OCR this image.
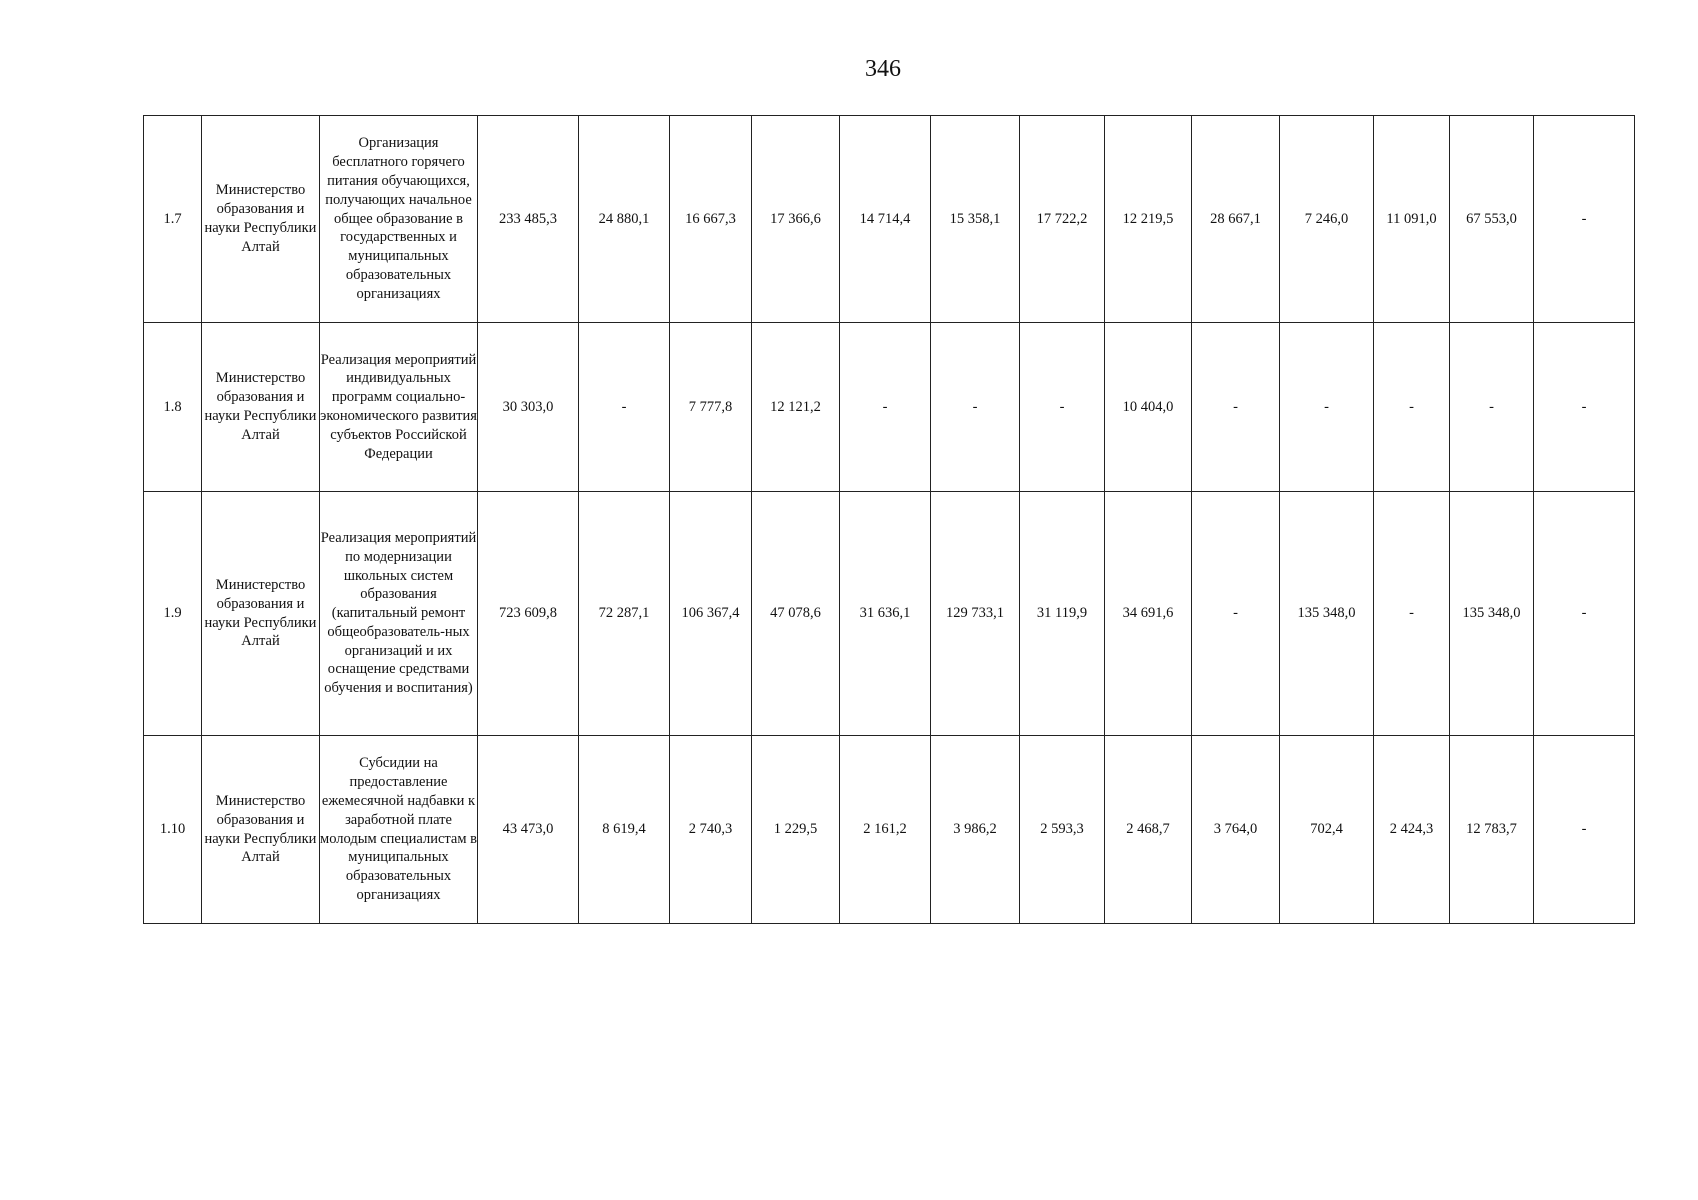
346
1.7	Министерство образования и науки Республики Алтай	Организация бесплатного горячего питания обучающихся, получающих начальное общее образование в государственных и муниципальных образовательных организациях	233 485,3	24 880,1	16 667,3	17 366,6	14 714,4	15 358,1	17 722,2	12 219,5	28 667,1	7 246,0	11 091,0	67 553,0	-
1.8	Министерство образования и науки Республики Алтай	Реализация мероприятий индивидуальных программ социально-экономического развития субъектов Российской Федерации	30 303,0	-	7 777,8	12 121,2	-	-	-	10 404,0	-	-	-	-	-
1.9	Министерство образования и науки Республики Алтай	Реализация мероприятий по модернизации школьных систем образования (капитальный ремонт общеобразователь-ных организаций и их оснащение средствами обучения и воспитания)	723 609,8	72 287,1	106 367,4	47 078,6	31 636,1	129 733,1	31 119,9	34 691,6	-	135 348,0	-	135 348,0	-
1.10	Министерство образования и науки Республики Алтай	Субсидии на предоставление ежемесячной надбавки к заработной плате молодым специалистам в муниципальных образовательных организациях	43 473,0	8 619,4	2 740,3	1 229,5	2 161,2	3 986,2	2 593,3	2 468,7	3 764,0	702,4	2 424,3	12 783,7	-
